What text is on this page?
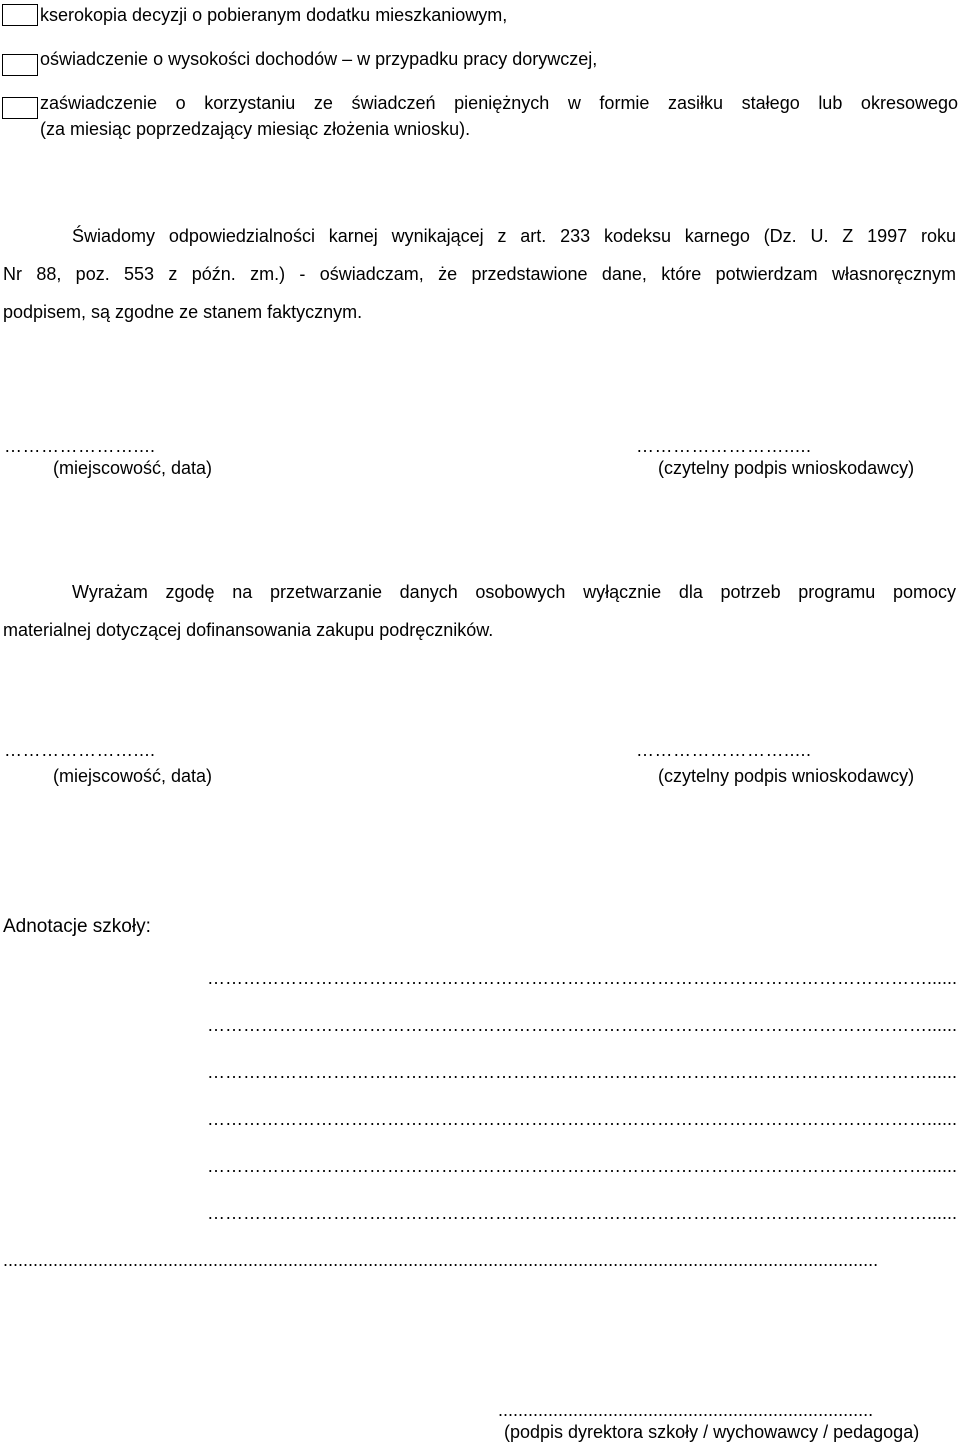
kserokopia decyzji o pobieranym dodatku mieszkaniowym,
oświadczenie o wysokości dochodów – w przypadku pracy dorywczej,
zaświadczenie o korzystaniu ze świadczeń pieniężnych w formie zasiłku stałego lub okresowego
(za miesiąc poprzedzający miesiąc złożenia wniosku).
Świadomy odpowiedzialności karnej wynikającej z art. 233 kodeksu karnego (Dz. U. Z 1997 roku
Nr 88, poz. 553 z późn. zm.) - oświadczam, że przedstawione dane, które potwierdzam własnoręcznym
podpisem, są zgodne ze stanem faktycznym.
…………………....
(miejscowość, data)
…………………….....
(czytelny podpis wnioskodawcy)
Wyrażam zgodę na przetwarzanie danych osobowych wyłącznie dla potrzeb programu pomocy
materialnej dotyczącej dofinansowania zakupu podręczników.
…………………....
(miejscowość, data)
…………………….....
(czytelny podpis wnioskodawcy)
Adnotacje szkoły:
…………………………………………………………………………………………………………......
…………………………………………………………………………………………………………......
…………………………………………………………………………………………………………......
…………………………………………………………………………………………………………......
…………………………………………………………………………………………………………......
…………………………………………………………………………………………………………......
...............................................................................................................................................................................
...........................................................................
(podpis dyrektora szkoły / wychowawcy / pedagoga)
